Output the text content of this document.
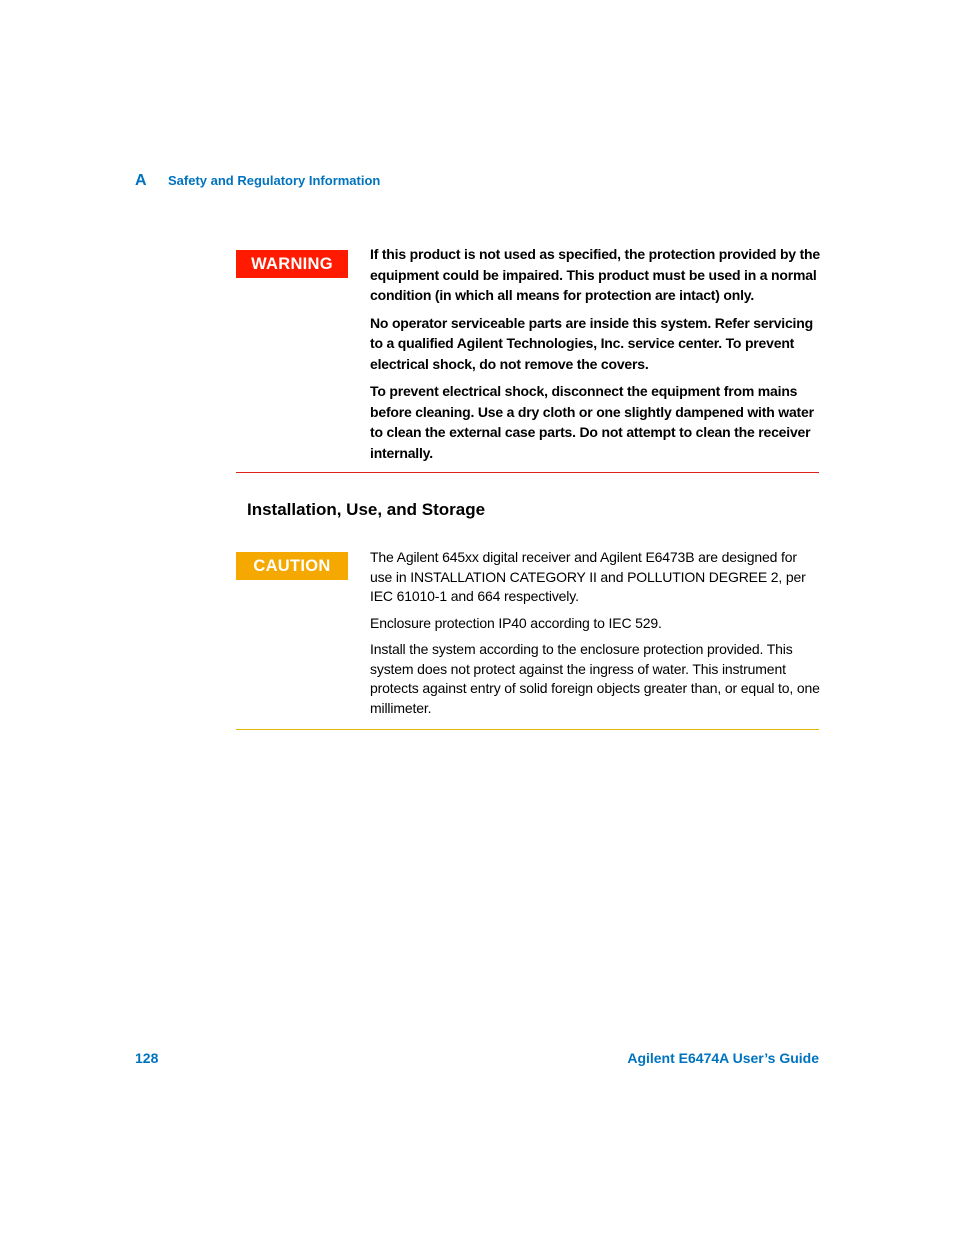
A	Safety and Regulatory Information
WARNING

If this product is not used as specified, the protection provided by the equipment could be impaired. This product must be used in a normal condition (in which all means for protection are intact) only.

No operator serviceable parts are inside this system. Refer servicing to a qualified Agilent Technologies, Inc. service center. To prevent electrical shock, do not remove the covers.

To prevent electrical shock, disconnect the equipment from mains before cleaning. Use a dry cloth or one slightly dampened with water to clean the external case parts. Do not attempt to clean the receiver internally.

Installation, Use, and Storage
CAUTION	The Agilent 645xx digital receiver and Agilent E6473B are designed for use in INSTALLATION CATEGORY II and POLLUTION DEGREE 2, per IEC 61010-1 and 664 respectively.

Enclosure protection IP40 according to IEC 529.

Install the system according to the enclosure protection provided. This system does not protect against the ingress of water. This instrument protects against entry of solid foreign objects greater than, or equal to, one millimeter.

128	Agilent E6474A User’s Guide
